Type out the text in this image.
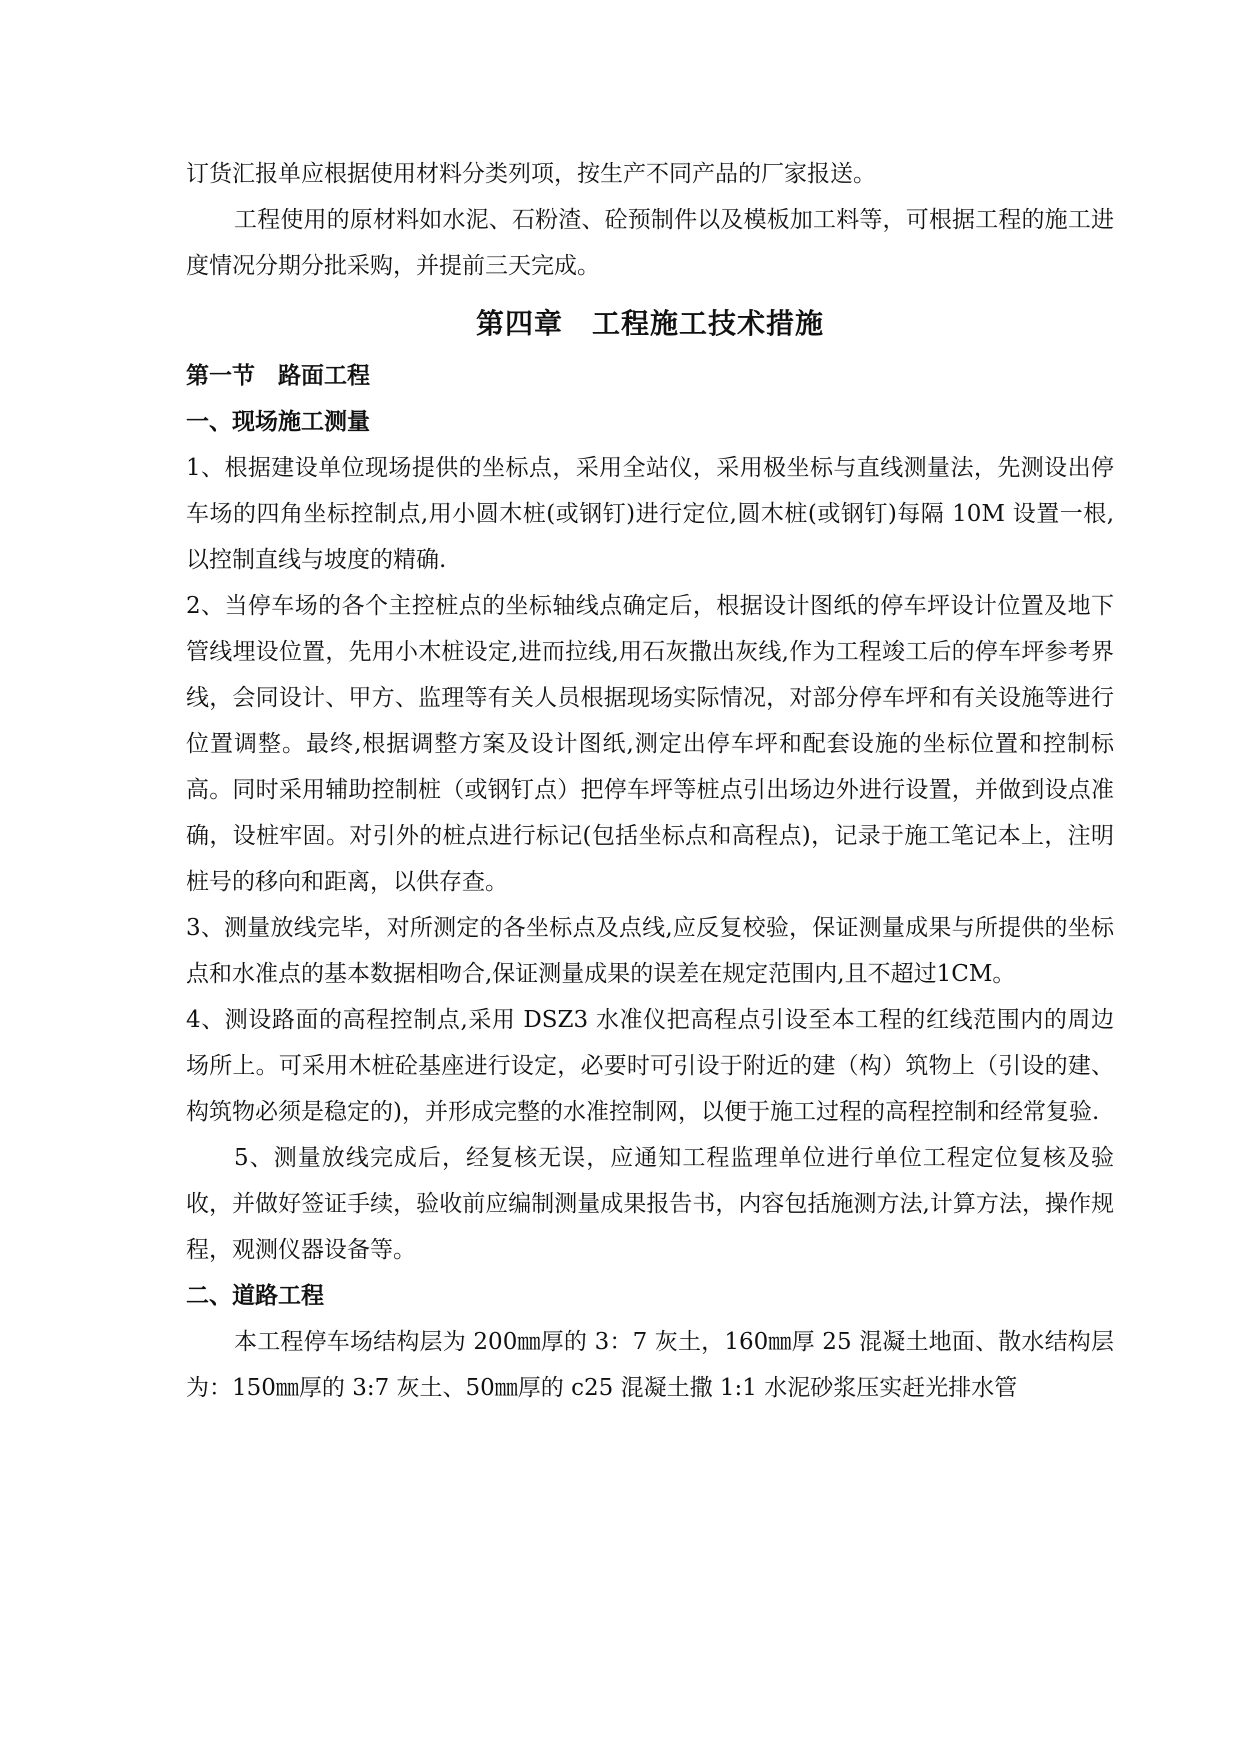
订货汇报单应根据使用材料分类列项，按生产不同产品的厂家报送。

工程使用的原材料如水泥、石粉渣、砼预制件以及模板加工料等，可根据工程的施工进度情况分期分批采购，并提前三天完成。

第四章　工程施工技术措施
第一节　路面工程
一、现场施工测量

1、根据建设单位现场提供的坐标点，采用全站仪，采用极坐标与直线测量法，先测设出停车场的四角坐标控制点,用小圆木桩(或钢钉)进行定位,圆木桩(或钢钉)每隔 10M 设置一根,以控制直线与坡度的精确.

2、当停车场的各个主控桩点的坐标轴线点确定后，根据设计图纸的停车坪设计位置及地下管线埋设位置，先用小木桩设定,进而拉线,用石灰撒出灰线,作为工程竣工后的停车坪参考界线，会同设计、甲方、监理等有关人员根据现场实际情况，对部分停车坪和有关设施等进行位置调整。最终,根据调整方案及设计图纸,测定出停车坪和配套设施的坐标位置和控制标高。同时采用辅助控制桩（或钢钉点）把停车坪等桩点引出场边外进行设置，并做到设点准确，设桩牢固。对引外的桩点进行标记(包括坐标点和高程点)，记录于施工笔记本上，注明桩号的移向和距离，以供存查。

3、测量放线完毕，对所测定的各坐标点及点线,应反复校验，保证测量成果与所提供的坐标点和水准点的基本数据相吻合,保证测量成果的误差在规定范围内,且不超过1CM。

4、测设路面的高程控制点,采用 DSZ3 水准仪把高程点引设至本工程的红线范围内的周边场所上。可采用木桩砼基座进行设定，必要时可引设于附近的建（构）筑物上（引设的建、构筑物必须是稳定的)，并形成完整的水准控制网，以便于施工过程的高程控制和经常复验.

5、测量放线完成后，经复核无误，应通知工程监理单位进行单位工程定位复核及验收，并做好签证手续，验收前应编制测量成果报告书，内容包括施测方法,计算方法，操作规程，观测仪器设备等。

二、道路工程

本工程停车场结构层为 200㎜厚的 3：7 灰土，160㎜厚 25 混凝土地面、散水结构层为：150㎜厚的 3:7 灰土、50㎜厚的 c25 混凝土撒 1:1 水泥砂浆压实赶光排水管
